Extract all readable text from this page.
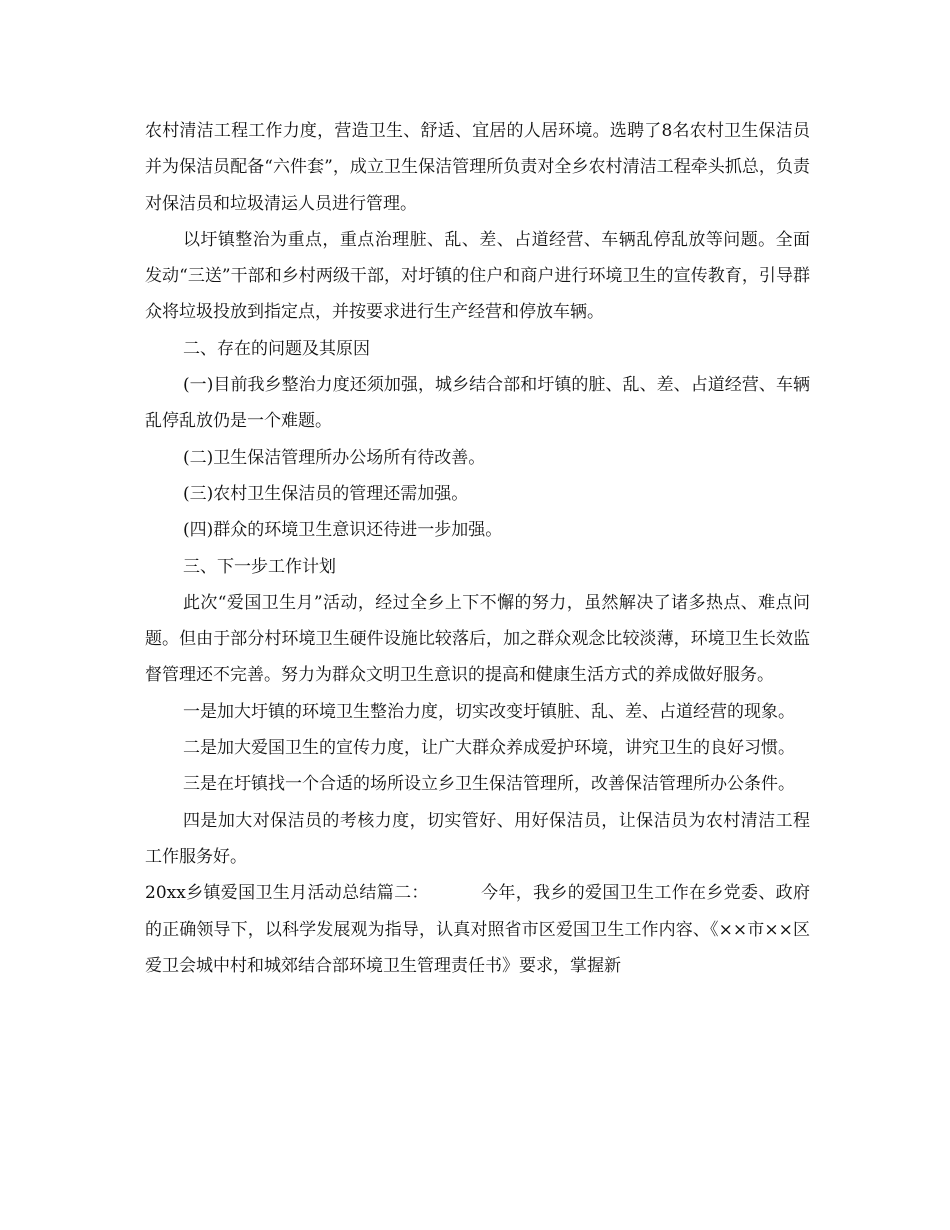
农村清洁工程工作力度，营造卫生、舒适、宜居的人居环境。选聘了8名农村卫生保洁员并为保洁员配备“六件套”，成立卫生保洁管理所负责对全乡农村清洁工程牵头抓总，负责对保洁员和垃圾清运人员进行管理。

以圩镇整治为重点，重点治理脏、乱、差、占道经营、车辆乱停乱放等问题。全面发动“三送”干部和乡村两级干部，对圩镇的住户和商户进行环境卫生的宣传教育，引导群众将垃圾投放到指定点，并按要求进行生产经营和停放车辆。

二、存在的问题及其原因

(一)目前我乡整治力度还须加强，城乡结合部和圩镇的脏、乱、差、占道经营、车辆乱停乱放仍是一个难题。

(二)卫生保洁管理所办公场所有待改善。

(三)农村卫生保洁员的管理还需加强。

(四)群众的环境卫生意识还待进一步加强。

三、下一步工作计划

此次“爱国卫生月”活动，经过全乡上下不懈的努力，虽然解决了诸多热点、难点问题。但由于部分村环境卫生硬件设施比较落后，加之群众观念比较淡薄，环境卫生长效监督管理还不完善。努力为群众文明卫生意识的提高和健康生活方式的养成做好服务。

一是加大圩镇的环境卫生整治力度，切实改变圩镇脏、乱、差、占道经营的现象。

二是加大爱国卫生的宣传力度，让广大群众养成爱护环境，讲究卫生的良好习惯。

三是在圩镇找一个合适的场所设立乡卫生保洁管理所，改善保洁管理所办公条件。

四是加大对保洁员的考核力度，切实管好、用好保洁员，让保洁员为农村清洁工程工作服务好。

20xx乡镇爱国卫生月活动总结篇二：	今年，我乡的爱国卫生工作在乡党委、政府的正确领导下，以科学发展观为指导，认真对照省市区爱国卫生工作内容、《××市××区爱卫会城中村和城郊结合部环境卫生管理责任书》要求，掌握新
